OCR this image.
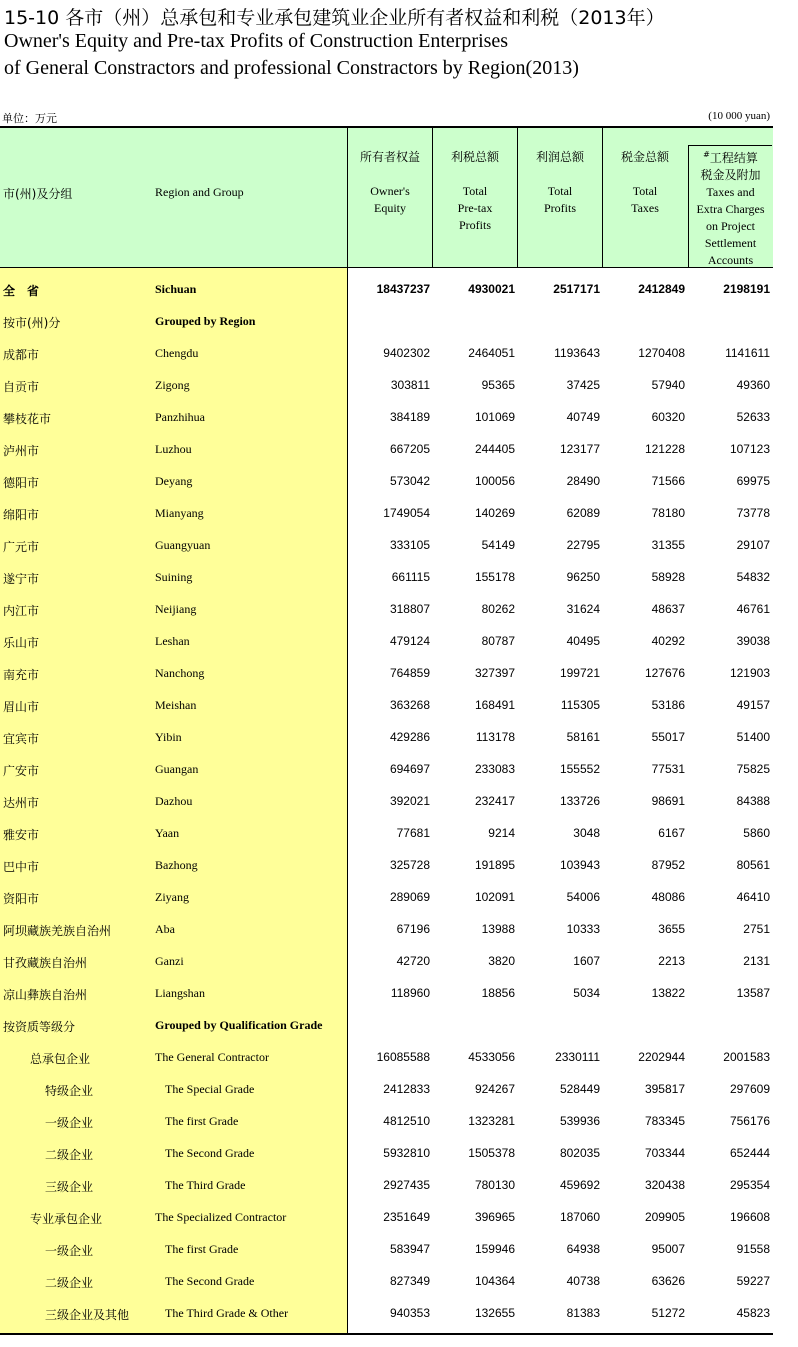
15-10 各市（州）总承包和专业承包建筑业企业所有者权益和利税（2013年）
Owner's Equity and Pre-tax Profits of Construction Enterprises
of General Constractors and professional Constractors by Region(2013)
单位：万元	(10 000 yuan)
市(州)及分组	Region and Group
所有者权益
Owner's
Equity
利税总额
Total
Pre-tax
Profits
利润总额
Total
Profits
税金总额
Total
Taxes
#工程结算
税金及附加
Taxes and
Extra Charges
on Project
Settlement
Accounts
全　省	Sichuan	18437237	4930021	2517171	2412849	2198191
按市(州)分	Grouped by Region
成都市	Chengdu	9402302	2464051	1193643	1270408	1141611
自贡市	Zigong	303811	95365	37425	57940	49360
攀枝花市	Panzhihua	384189	101069	40749	60320	52633
泸州市	Luzhou	667205	244405	123177	121228	107123
德阳市	Deyang	573042	100056	28490	71566	69975
绵阳市	Mianyang	1749054	140269	62089	78180	73778
广元市	Guangyuan	333105	54149	22795	31355	29107
遂宁市	Suining	661115	155178	96250	58928	54832
内江市	Neijiang	318807	80262	31624	48637	46761
乐山市	Leshan	479124	80787	40495	40292	39038
南充市	Nanchong	764859	327397	199721	127676	121903
眉山市	Meishan	363268	168491	115305	53186	49157
宜宾市	Yibin	429286	113178	58161	55017	51400
广安市	Guangan	694697	233083	155552	77531	75825
达州市	Dazhou	392021	232417	133726	98691	84388
雅安市	Yaan	77681	9214	3048	6167	5860
巴中市	Bazhong	325728	191895	103943	87952	80561
资阳市	Ziyang	289069	102091	54006	48086	46410
阿坝藏族羌族自治州	Aba	67196	13988	10333	3655	2751
甘孜藏族自治州	Ganzi	42720	3820	1607	2213	2131
凉山彝族自治州	Liangshan	118960	18856	5034	13822	13587
按资质等级分	Grouped by Qualification Grade
总承包企业	The General Contractor	16085588	4533056	2330111	2202944	2001583
特级企业	The Special Grade	2412833	924267	528449	395817	297609
一级企业	The first Grade	4812510	1323281	539936	783345	756176
二级企业	The Second Grade	5932810	1505378	802035	703344	652444
三级企业	The Third Grade	2927435	780130	459692	320438	295354
专业承包企业	The Specialized Contractor	2351649	396965	187060	209905	196608
一级企业	The first Grade	583947	159946	64938	95007	91558
二级企业	The Second Grade	827349	104364	40738	63626	59227
三级企业及其他	The Third Grade & Other	940353	132655	81383	51272	45823
